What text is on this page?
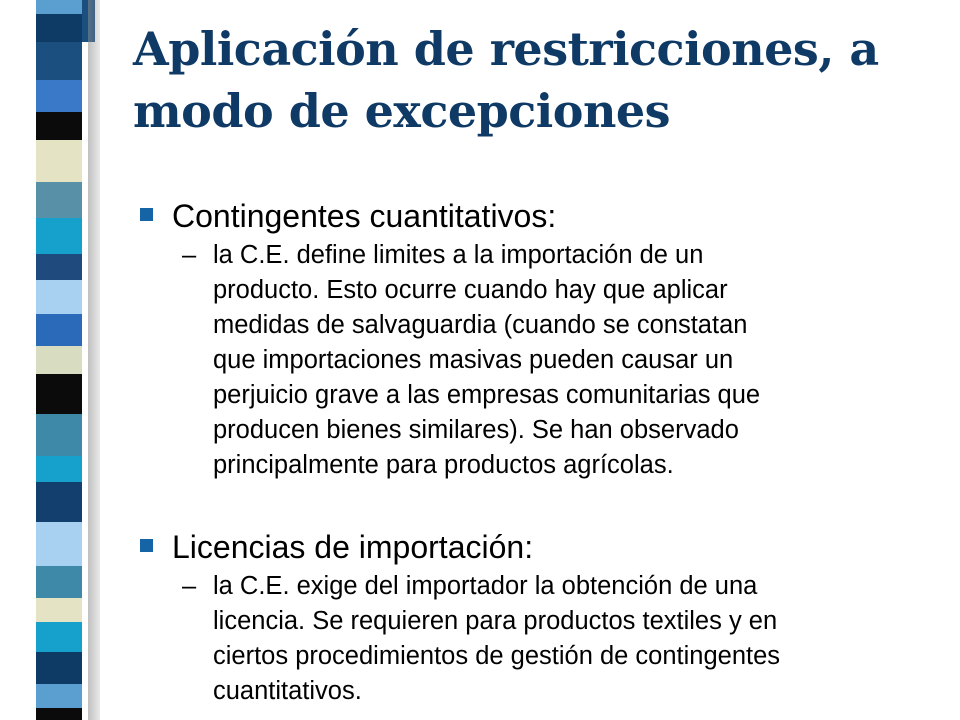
Aplicación de restricciones, a
modo de excepciones
Contingentes cuantitativos:
– la C.E. define limites a la importación de un
producto. Esto ocurre cuando hay que aplicar
medidas de salvaguardia (cuando se constatan
que importaciones masivas pueden causar un
perjuicio grave a las empresas comunitarias que
producen bienes similares). Se han observado
principalmente para productos agrícolas.
Licencias de importación:
– la C.E. exige del importador la obtención de una
licencia. Se requieren para productos textiles y en
ciertos procedimientos de gestión de contingentes
cuantitativos.
